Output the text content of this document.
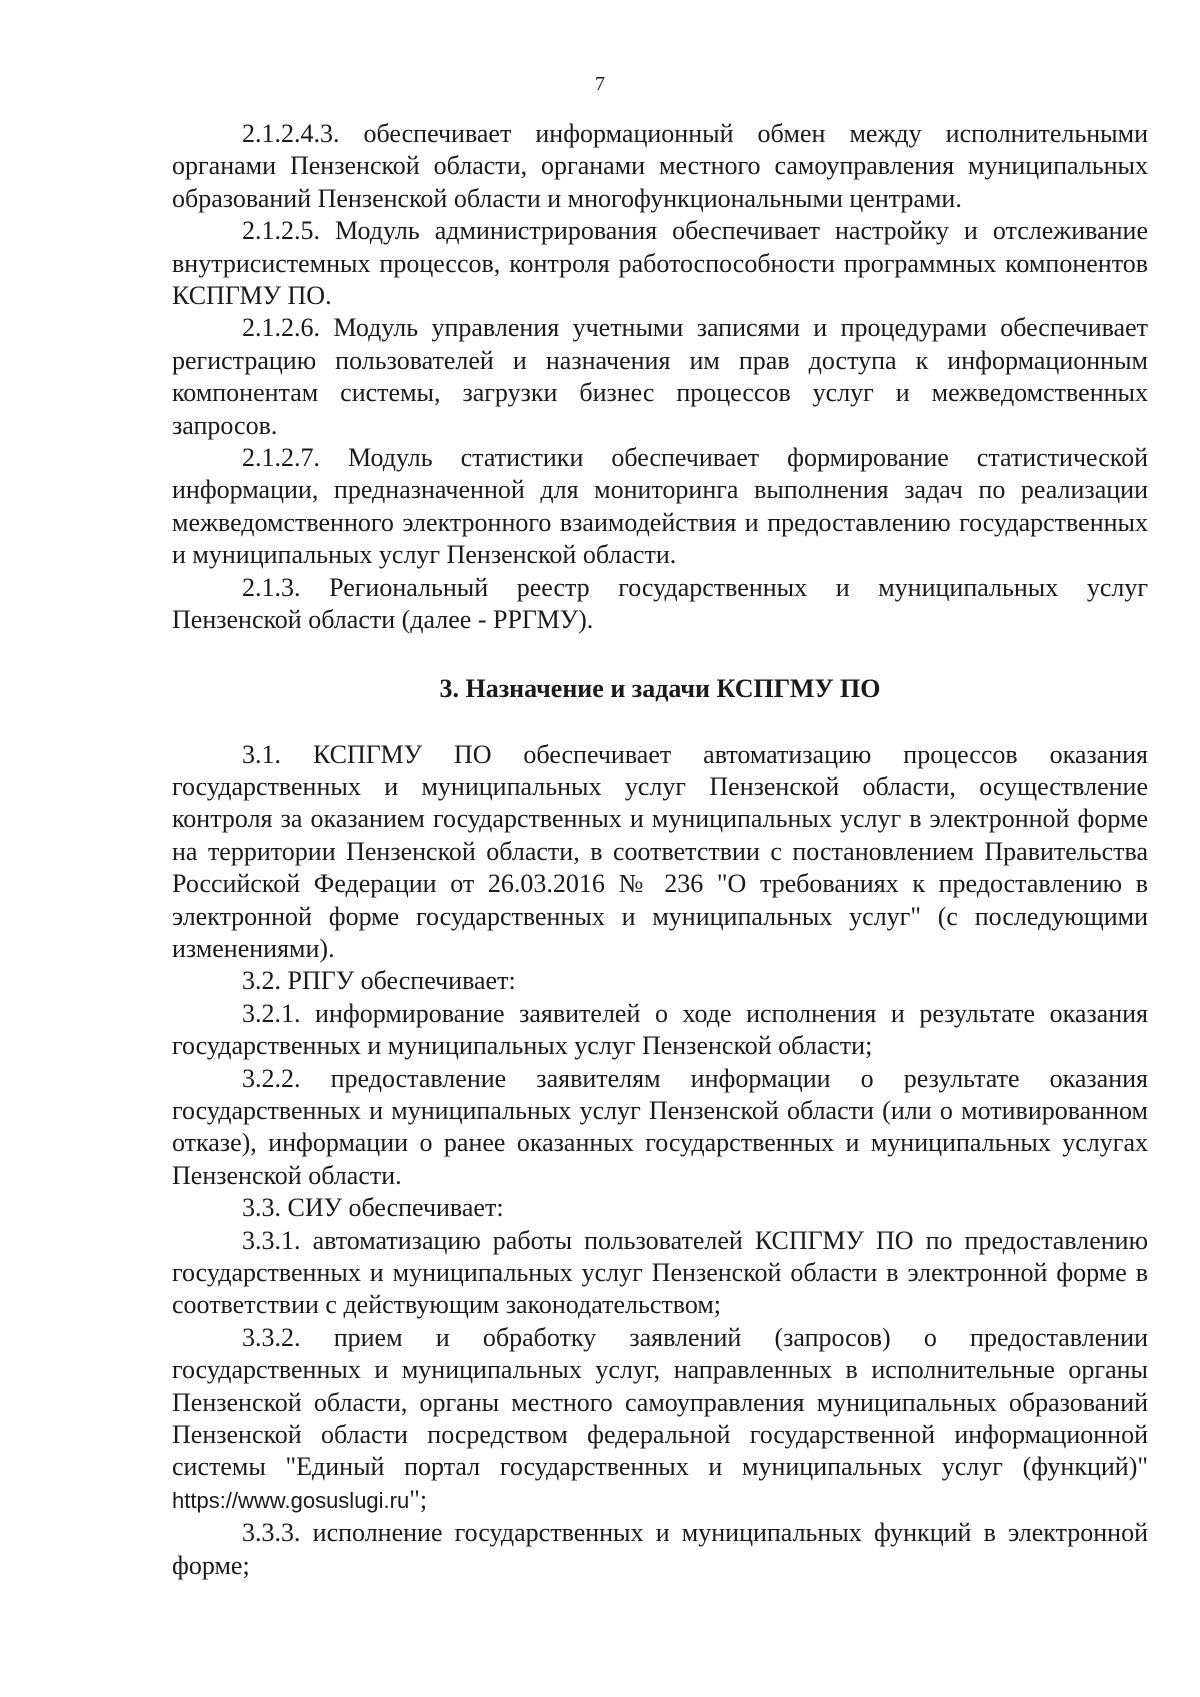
7

2.1.2.4.3. обеспечивает информационный обмен между исполнительными органами Пензенской области, органами местного самоуправления муниципальных образований Пензенской области и многофункциональными центрами.

2.1.2.5. Модуль администрирования обеспечивает настройку и отслеживание внутрисистемных процессов, контроля работоспособности программных компонентов КСПГМУ ПО.

2.1.2.6. Модуль управления учетными записями и процедурами обеспечивает регистрацию пользователей и назначения им прав доступа к информационным компонентам системы, загрузки бизнес процессов услуг и межведомственных запросов.

2.1.2.7. Модуль статистики обеспечивает формирование статистической информации, предназначенной для мониторинга выполнения задач по реализации межведомственного электронного взаимодействия и предоставлению государственных и муниципальных услуг Пензенской области.

2.1.3. Региональный реестр государственных и муниципальных услуг Пензенской области (далее - РРГМУ).

3. Назначение и задачи КСПГМУ ПО

3.1. КСПГМУ ПО обеспечивает автоматизацию процессов оказания государственных и муниципальных услуг Пензенской области, осуществление контроля за оказанием государственных и муниципальных услуг в электронной форме на территории Пензенской области, в соответствии с постановлением Правительства Российской Федерации от 26.03.2016 № 236 "О требованиях к предоставлению в электронной форме государственных и муниципальных услуг" (с последующими изменениями).

3.2. РПГУ обеспечивает:

3.2.1. информирование заявителей о ходе исполнения и результате оказания государственных и муниципальных услуг Пензенской области;

3.2.2. предоставление заявителям информации о результате оказания государственных и муниципальных услуг Пензенской области (или о мотивированном отказе), информации о ранее оказанных государственных и муниципальных услугах Пензенской области.

3.3. СИУ обеспечивает:

3.3.1. автоматизацию работы пользователей КСПГМУ ПО по предоставлению государственных и муниципальных услуг Пензенской области в электронной форме в соответствии с действующим законодательством;

3.3.2. прием и обработку заявлений (запросов) о предоставлении государственных и муниципальных услуг, направленных в исполнительные органы Пензенской области, органы местного самоуправления муниципальных образований Пензенской области посредством федеральной государственной информационной системы "Единый портал государственных и муниципальных услуг (функций)" https://www.gosuslugi.ru";

3.3.3. исполнение государственных и муниципальных функций в электронной форме;
